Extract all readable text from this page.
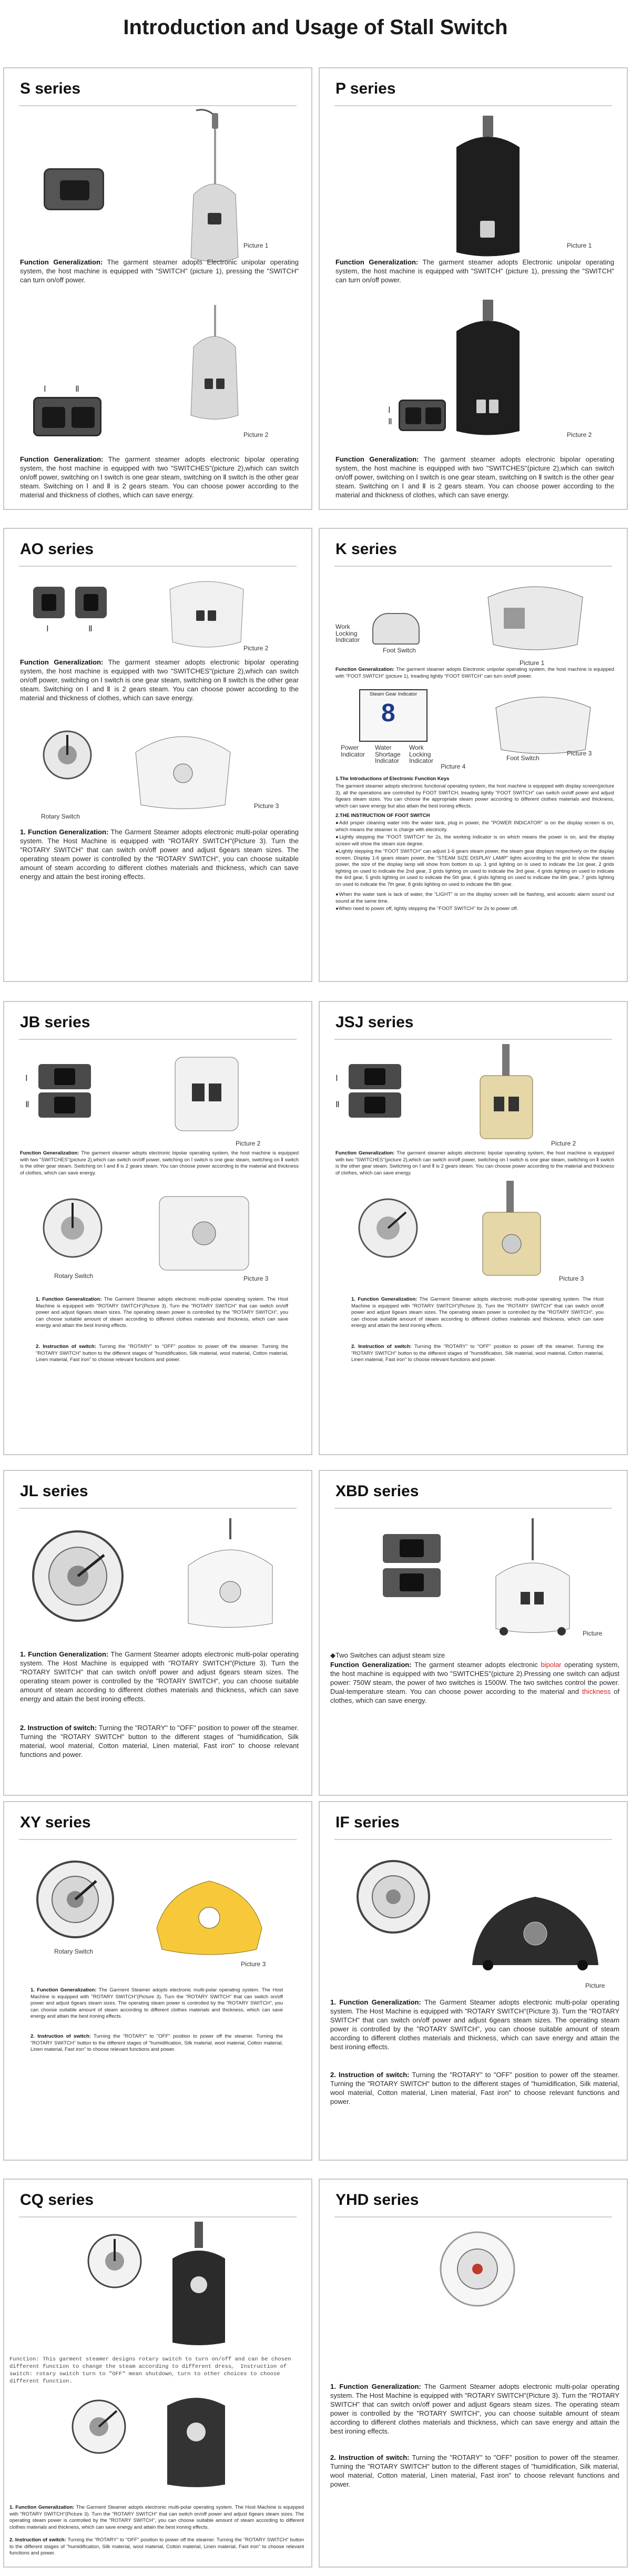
Introduction and Usage of Stall Switch
S series
Picture 1
Function Generalization: The garment steamer adopts Electronic unipolar operating system, the host machine is equipped with "SWITCH" (picture 1), pressing the "SWITCH" can turn on/off power.
Ⅰ	Ⅱ
Picture 2
Function Generalization: The garment steamer adopts electronic bipolar operating system, the host machine is equipped with two "SWITCHES"(picture 2),which can switch on/off power, switching on Ⅰ switch is one gear steam, switching on Ⅱ switch is the other gear steam. Switching on Ⅰ and Ⅱ is 2 gears steam. You can choose power according to the material and thickness of clothes, which can save energy.
P series
Picture 1
Function Generalization: The garment steamer adopts Electronic unipolar operating system, the host machine is equipped with "SWITCH" (picture 1), pressing the "SWITCH" can turn on/off power.
Ⅰ
Ⅱ
Picture 2
Function Generalization: The garment steamer adopts electronic bipolar operating system, the host machine is equipped with two "SWITCHES"(picture 2),which can switch on/off power, switching on Ⅰ switch is one gear steam, switching on Ⅱ switch is the other gear steam. Switching on Ⅰ and Ⅱ is 2 gears steam. You can choose power according to the material and thickness of clothes, which can save energy.
AO series
Ⅰ	Ⅱ
Picture 2
Function Generalization: The garment steamer adopts electronic bipolar operating system, the host machine is equipped with two "SWITCHES"(picture 2),which can switch on/off power, switching on Ⅰ switch is one gear steam, switching on Ⅱ switch is the other gear steam. Switching on Ⅰ and Ⅱ is 2 gears steam. You can choose power according to the material and thickness of clothes, which can save energy.
Rotary Switch
Picture 3
1. Function Generalization: The Garment Steamer adopts electronic multi-polar operating system. The Host Machine is equipped with "ROTARY SWITCH"(Picture 3). Turn the "ROTARY SWITCH" that can switch on/off power and adjust 6gears steam sizes. The operating steam power is controlled by the "ROTARY SWITCH", you can choose suitable amount of steam according to different clothes materials and thickness, which can save energy and attain the best ironing effects.
K series
Work Locking Indicator
Foot Switch
Picture 1
Function Generalization: The garment steamer adopts Electronic unipolar operating system, the host machine is equipped with "FOOT SWITCH" (picture 1), treading lightly "FOOT SWITCH" can turn on/off power.
Steam Gear Indicator
8
Power Indicator
Water Shortage Indicator
Work Locking Indicator	Foot Switch
Picture 3
Picture 4
1.The Introductions of Electronic Function Keys
The garment steamer adopts electronic functional operating system, the host machine is equipped with display screen(picture 3), all the operations are controlled by FOOT SWITCH, treading lightly "FOOT SWITCH" can switch on/off power and adjust 6gears steam sizes. You can choose the appropriate steam power according to different clothes materials and thickness, which can save energy but also attain the best ironing effects.
2.THE INSTRUCTION OF FOOT SWITCH
●Add proper cleaning water into the water tank, plug in power, the "POWER INDICATOR" is on the display screen is on, which means the steamer is charge with electricity.
●Lightly stepping the "FOOT SWITCH" for 2s, the working indicator is on which means the power is on, and the display screen will show the steam size degree.
●Lightly stepping the "FOOT SWITCH" can adjust 1-6 gears steam power, the steam gear displays respectively on the display screen. Display 1-6 gears steam power, the "STEAM SIZE DISPLAY LAMP" lights according to the grid to show the steam power, the size of the display lamp will show from bottom to up. 1 grid lighting on is used to indicate the 1st gear, 2 grids lighting on used to indicate the 2nd gear, 3 grids lighting on used to indicate the 3rd gear, 4 grids lighting on used to indicate the 4rd gear, 5 grids lighting on used to indicate the 5th gear, 6 grids lighting on used to indicate the 6th gear, 7 grids lighting on used to indicate the 7th gear, 8 grids lighting on used to indicate the 8th gear.
●When the water tank is lack of water, the "LIGHT" is on the display screen will be flashing, and acoustic alarm sound out sound at the same time.
●When need to power off, lightly stepping the "FOOT SWITCH" for 2s to power off.
JB series
Ⅰ
Ⅱ
Picture 2
Function Generalization: The garment steamer adopts electronic bipolar operating system, the host machine is equipped with two "SWITCHES"(picture 2),which can switch on/off power, switching on Ⅰ switch is one gear steam, switching on Ⅱ switch is the other gear steam. Switching on Ⅰ and Ⅱ is 2 gears steam. You can choose power according to the material and thickness of clothes, which can save energy.
Rotary Switch	Picture 3
1. Function Generalization: The Garment Steamer adopts electronic multi-polar operating system. The Host Machine is equipped with "ROTARY SWITCH"(Picture 3). Turn the "ROTARY SWITCH" that can switch on/off power and adjust 6gears steam sizes. The operating steam power is controlled by the "ROTARY SWITCH", you can choose suitable amount of steam according to different clothes materials and thickness, which can save energy and attain the best ironing effects.
2. Instruction of switch: Turning the "ROTARY" to "OFF" position to power off the steamer. Turning the "ROTARY SWITCH" button to the different stages of "humidification, Silk material, wool material, Cotton material, Linen material, Fast iron" to choose relevant functions and power.
JSJ series
Ⅰ
Ⅱ
Picture 2
Function Generalization: The garment steamer adopts electronic bipolar operating system, the host machine is equipped with two "SWITCHES"(picture 2),which can switch on/off power, switching on Ⅰ switch is one gear steam, switching on Ⅱ switch is the other gear steam. Switching on Ⅰ and Ⅱ is 2 gears steam. You can choose power according to the material and thickness of clothes, which can save energy.
Picture 3
1. Function Generalization: The Garment Steamer adopts electronic multi-polar operating system. The Host Machine is equipped with "ROTARY SWITCH"(Picture 3). Turn the "ROTARY SWITCH" that can switch on/off power and adjust 6gears steam sizes. The operating steam power is controlled by the "ROTARY SWITCH", you can choose suitable amount of steam according to different clothes materials and thickness, which can save energy and attain the best ironing effects.
2. Instruction of switch: Turning the "ROTARY" to "OFF" position to power off the steamer. Turning the "ROTARY SWITCH" button to the different stages of "humidification, Silk material, wool material, Cotton material, Linen material, Fast iron" to choose relevant functions and power.
JL series
1. Function Generalization: The Garment Steamer adopts electronic multi-polar operating system. The Host Machine is equipped with "ROTARY SWITCH"(Picture 3). Turn the "ROTARY SWITCH" that can switch on/off power and adjust 6gears steam sizes. The operating steam power is controlled by the "ROTARY SWITCH", you can choose suitable amount of steam according to different clothes materials and thickness, which can save energy and attain the best ironing effects.
2. Instruction of switch: Turning the "ROTARY" to "OFF" position to power off the steamer. Turning the "ROTARY SWITCH" button to the different stages of "humidification, Silk material, wool material, Cotton material, Linen material, Fast iron" to choose relevant functions and power.
XBD series
Picture
◆Two Switches can adjust steam size
Function Generalization: The garment steamer adopts electronic bipolar operating system, the host machine is equipped with two "SWITCHES"(picture 2).Pressing one switch can adjust power: 750W steam, the power of two switches is 1500W. The two switches control the power. Dual-temperature steam. You can choose power according to the material and thickness of clothes, which can save energy.
XY series
Rotary Switch
Picture 3
1. Function Generalization: The Garment Steamer adopts electronic multi-polar operating system. The Host Machine is equipped with "ROTARY SWITCH"(Picture 3). Turn the "ROTARY SWITCH" that can switch on/off power and adjust 6gears steam sizes. The operating steam power is controlled by the "ROTARY SWITCH", you can choose suitable amount of steam according to different clothes materials and thickness, which can save energy and attain the best ironing effects.
2. Instruction of switch: Turning the "ROTARY" to "OFF" position to power off the steamer. Turning the "ROTARY SWITCH" button to the different stages of "humidification, Silk material, wool material, Cotton material, Linen material, Fast iron" to choose relevant functions and power.
IF series
Picture
1. Function Generalization: The Garment Steamer adopts electronic multi-polar operating system. The Host Machine is equipped with "ROTARY SWITCH"(Picture 3). Turn the "ROTARY SWITCH" that can switch on/off power and adjust 6gears steam sizes. The operating steam power is controlled by the "ROTARY SWITCH", you can choose suitable amount of steam according to different clothes materials and thickness, which can save energy and attain the best ironing effects.
2. Instruction of switch: Turning the "ROTARY" to "OFF" position to power off the steamer. Turning the "ROTARY SWITCH" button to the different stages of "humidification, Silk material, wool material, Cotton material, Linen material, Fast iron" to choose relevant functions and power.
CQ series
Function: This garment steamer designs rotary switch to turn on/off and can be chosen different function to change the steam according to different dress。 Instruction of switch: rotary switch turn to "OFF" mean shutdown，turn to other choices to choose different function.
1. Function Generalization: The Garment Steamer adopts electronic multi-polar operating system. The Host Machine is equipped with "ROTARY SWITCH"(Picture 3). Turn the "ROTARY SWITCH" that can switch on/off power and adjust 6gears steam sizes. The operating steam power is controlled by the "ROTARY SWITCH", you can choose suitable amount of steam according to different clothes materials and thickness, which can save energy and attain the best ironing effects.
2. Instruction of switch: Turning the "ROTARY" to "OFF" position to power off the steamer. Turning the "ROTARY SWITCH" button to the different stages of "humidification, Silk material, wool material, Cotton material, Linen material, Fast iron" to choose relevant functions and power.
YHD series
1. Function Generalization: The Garment Steamer adopts electronic multi-polar operating system. The Host Machine is equipped with "ROTARY SWITCH"(Picture 3). Turn the "ROTARY SWITCH" that can switch on/off power and adjust 6gears steam sizes. The operating steam power is controlled by the "ROTARY SWITCH", you can choose suitable amount of steam according to different clothes materials and thickness, which can save energy and attain the best ironing effects.
2. Instruction of switch: Turning the "ROTARY" to "OFF" position to power off the steamer. Turning the "ROTARY SWITCH" button to the different stages of "humidification, Silk material, wool material, Cotton material, Linen material, Fast iron" to choose relevant functions and power.
